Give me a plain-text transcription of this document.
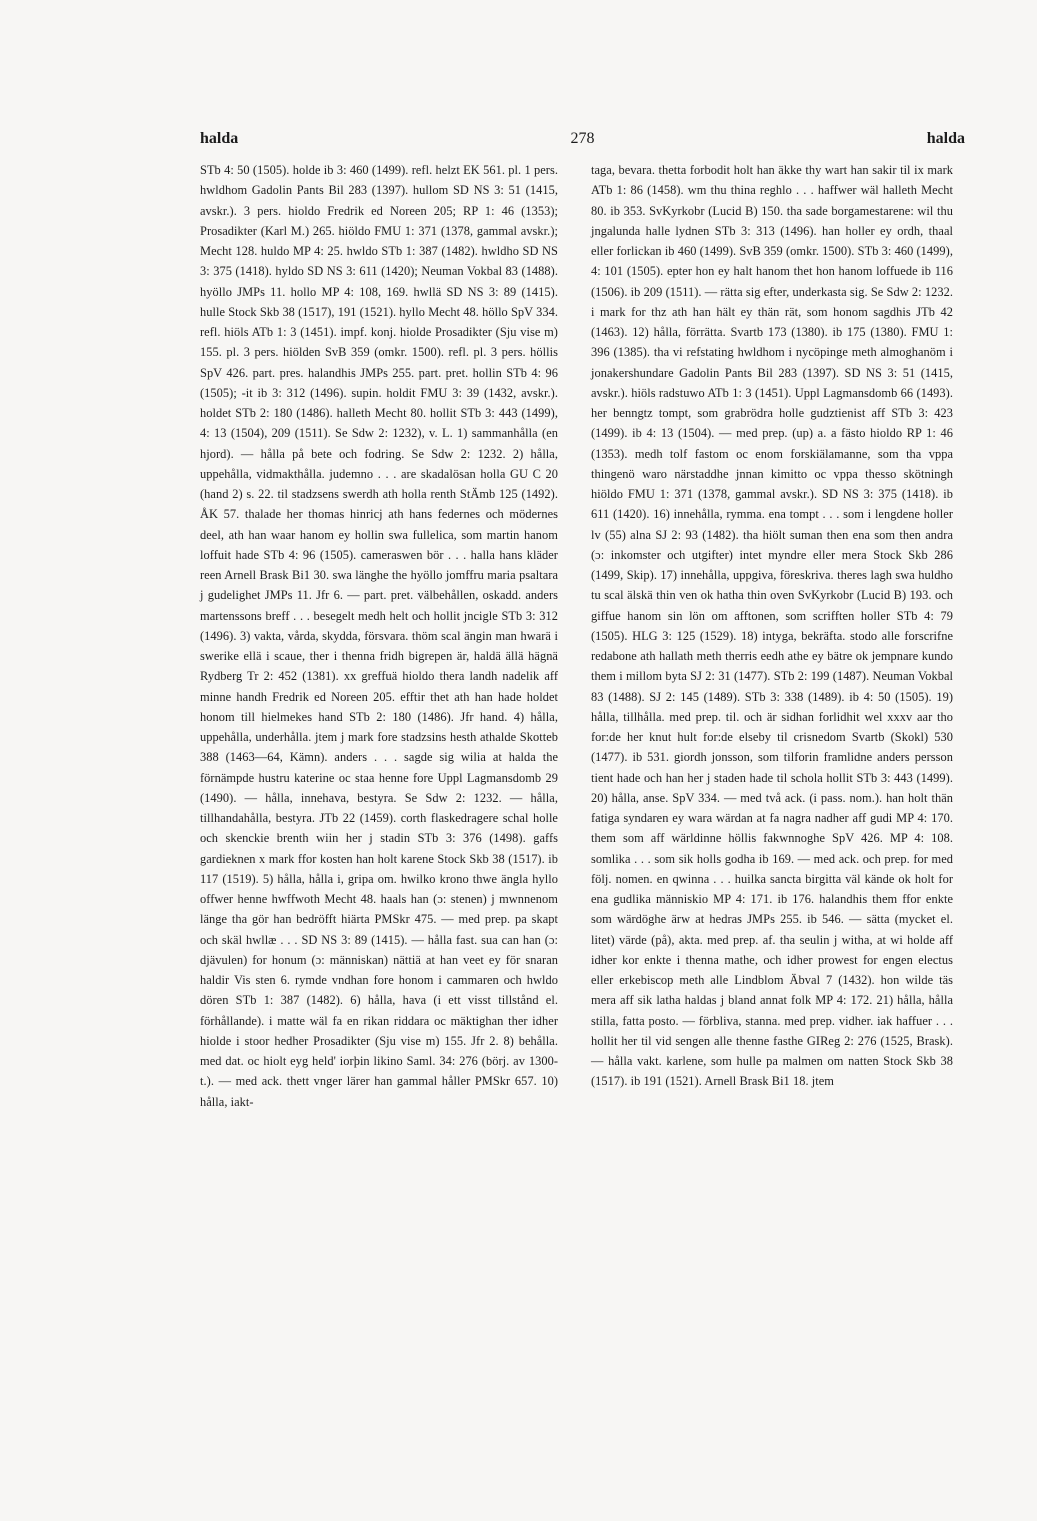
halda	278	halda

STb 4: 50 (1505). holde ib 3: 460 (1499). refl. helzt EK 561. pl. 1 pers. hwldhom Gadolin Pants Bil 283 (1397). hullom SD NS 3: 51 (1415, avskr.). 3 pers. hioldo Fredrik ed Noreen 205; RP 1: 46 (1353); Prosadikter (Karl M.) 265. hiöldo FMU 1: 371 (1378, gammal avskr.); Mecht 128. huldo MP 4: 25. hwldo STb 1: 387 (1482). hwldho SD NS 3: 375 (1418). hyldo SD NS 3: 611 (1420); Neuman Vokbal 83 (1488). hyöllo JMPs 11. hollo MP 4: 108, 169. hwllä SD NS 3: 89 (1415). hulle Stock Skb 38 (1517), 191 (1521). hyllo Mecht 48. höllo SpV 334. refl. hiöls ATb 1: 3 (1451). impf. konj. hiolde Prosadikter (Sju vise m) 155. pl. 3 pers. hiölden SvB 359 (omkr. 1500). refl. pl. 3 pers. höllis SpV 426. part. pres. halandhis JMPs 255. part. pret. hollin STb 4: 96 (1505); -it ib 3: 312 (1496). supin. holdit FMU 3: 39 (1432, avskr.). holdet STb 2: 180 (1486). halleth Mecht 80. hollit STb 3: 443 (1499), 4: 13 (1504), 209 (1511). Se Sdw 2: 1232), v. L. 1) sammanhålla (en hjord). — hålla på bete och fodring. Se Sdw 2: 1232. 2) hålla, uppehålla, vidmakthålla. judemno . . . are skadalösan holla GU C 20 (hand 2) s. 22. til stadzsens swerdh ath holla renth StÄmb 125 (1492). ÅK 57. thalade her thomas hinricj ath hans federnes och mödernes deel, ath han waar hanom ey hollin swa fullelica, som martin hanom loffuit hade STb 4: 96 (1505). cameraswen bör . . . halla hans kläder reen Arnell Brask Bi1 30. swa länghe the hyöllo jomffru maria psaltara j gudelighet JMPs 11. Jfr 6. — part. pret. välbehållen, oskadd. anders martenssons breff . . . besegelt medh helt och hollit jncigle STb 3: 312 (1496). 3) vakta, vårda, skydda, försvara. thöm scal ängin man hwarä i swerike ellä i scaue, ther i thenna fridh bigrepen är, haldä ällä hägnä Rydberg Tr 2: 452 (1381). xx greffuä hioldo thera landh nadelik aff minne handh Fredrik ed Noreen 205. efftir thet ath han hade holdet honom till hielmekes hand STb 2: 180 (1486). Jfr hand. 4) hålla, uppehålla, underhålla. jtem j mark fore stadzsins hesth athalde Skotteb 388 (1463—64, Kämn). anders . . . sagde sig wilia at halda the förnämpde hustru katerine oc staa henne fore Uppl Lagmansdomb 29 (1490). — hålla, innehava, bestyra. Se Sdw 2: 1232. — hålla, tillhandahålla, bestyra. JTb 22 (1459). corth flaskedragere schal holle och skenckie brenth wiin her j stadin STb 3: 376 (1498). gaffs gardieknen x mark ffor kosten han holt karene Stock Skb 38 (1517). ib 117 (1519). 5) hålla, hålla i, gripa om. hwilko krono thwe ängla hyllo offwer henne hwffwoth Mecht 48. haals han (ɔ: stenen) j mwnnenom länge tha gör han bedröfft hiärta PMSkr 475. — med prep. pa skapt och skäl hwllæ . . . SD NS 3: 89 (1415). — hålla fast. sua can han (ɔ: djävulen) for honum (ɔ: människan) nättiä at han veet ey för snaran haldir Vis sten 6. rymde vndhan fore honom i cammaren och hwldo dören STb 1: 387 (1482). 6) hålla, hava (i ett visst tillstånd el. förhållande). i matte wäl fa en rikan riddara oc mäktighan ther idher hiolde i stoor hedher Prosadikter (Sju vise m) 155. Jfr 2. 8) behålla. med dat. oc hiolt eyg held' iorþin likino Saml. 34: 276 (börj. av 1300-t.). — med ack. thett vnger lärer han gammal håller PMSkr 657. 10) hålla, iakt-

taga, bevara. thetta forbodit holt han äkke thy wart han sakir til ix mark ATb 1: 86 (1458). wm thu thina reghlo . . . haffwer wäl halleth Mecht 80. ib 353. SvKyrkobr (Lucid B) 150. tha sade borgamestarene: wil thu jngalunda halle lydnen STb 3: 313 (1496). han holler ey ordh, thaal eller forlickan ib 460 (1499). SvB 359 (omkr. 1500). STb 3: 460 (1499), 4: 101 (1505). epter hon ey halt hanom thet hon hanom loffuede ib 116 (1506). ib 209 (1511). — rätta sig efter, underkasta sig. Se Sdw 2: 1232. i mark for thz ath han hält ey thän rät, som honom sagdhis JTb 42 (1463). 12) hålla, förrätta. Svartb 173 (1380). ib 175 (1380). FMU 1: 396 (1385). tha vi refstating hwldhom i nycöpinge meth almoghanöm i jonakershundare Gadolin Pants Bil 283 (1397). SD NS 3: 51 (1415, avskr.). hiöls radstuwo ATb 1: 3 (1451). Uppl Lagmansdomb 66 (1493). her benngtz tompt, som grabrödra holle gudztienist aff STb 3: 423 (1499). ib 4: 13 (1504). — med prep. (up) a. a fästo hioldo RP 1: 46 (1353). medh tolf fastom oc enom forskiälamanne, som tha vppa thingenö waro närstaddhe jnnan kimitto oc vppa thesso skötningh hiöldo FMU 1: 371 (1378, gammal avskr.). SD NS 3: 375 (1418). ib 611 (1420). 16) innehålla, rymma. ena tompt . . . som i lengdene holler lv (55) alna SJ 2: 93 (1482). tha hiölt suman then ena som then andra (ɔ: inkomster och utgifter) intet myndre eller mera Stock Skb 286 (1499, Skip). 17) innehålla, uppgiva, föreskriva. theres lagh swa huldho tu scal älskä thin ven ok hatha thin oven SvKyrkobr (Lucid B) 193. och giffue hanom sin lön om afftonen, som scrifften holler STb 4: 79 (1505). HLG 3: 125 (1529). 18) intyga, bekräfta. stodo alle forscrifne redabone ath hallath meth therris eedh athe ey bätre ok jempnare kundo them i millom byta SJ 2: 31 (1477). STb 2: 199 (1487). Neuman Vokbal 83 (1488). SJ 2: 145 (1489). STb 3: 338 (1489). ib 4: 50 (1505). 19) hålla, tillhålla. med prep. til. och är sidhan forlidhit wel xxxv aar tho for:de her knut hult for:de elseby til crisnedom Svartb (Skokl) 530 (1477). ib 531. giordh jonsson, som tilforin framlidne anders persson tient hade och han her j staden hade til schola hollit STb 3: 443 (1499). 20) hålla, anse. SpV 334. — med två ack. (i pass. nom.). han holt thän fatiga syndaren ey wara wärdan at fa nagra nadher aff gudi MP 4: 170. them som aff wärldinne höllis fakwnnoghe SpV 426. MP 4: 108. somlika . . . som sik holls godha ib 169. — med ack. och prep. for med följ. nomen. en qwinna . . . huilka sancta birgitta väl kände ok holt for ena gudlika människio MP 4: 171. ib 176. halandhis them ffor enkte som wärdöghe ärw at hedras JMPs 255. ib 546. — sätta (mycket el. litet) värde (på), akta. med prep. af. tha seulin j witha, at wi holde aff idher kor enkte i thenna mathe, och idher prowest for engen electus eller erkebiscop meth alle Lindblom Äbval 7 (1432). hon wilde täs mera aff sik latha haldas j bland annat folk MP 4: 172. 21) hålla, hålla stilla, fatta posto. — förbliva, stanna. med prep. vidher. iak haffuer . . . hollit her til vid sengen alle thenne fasthe GIReg 2: 276 (1525, Brask). — hålla vakt. karlene, som hulle pa malmen om natten Stock Skb 38 (1517). ib 191 (1521). Arnell Brask Bi1 18. jtem
